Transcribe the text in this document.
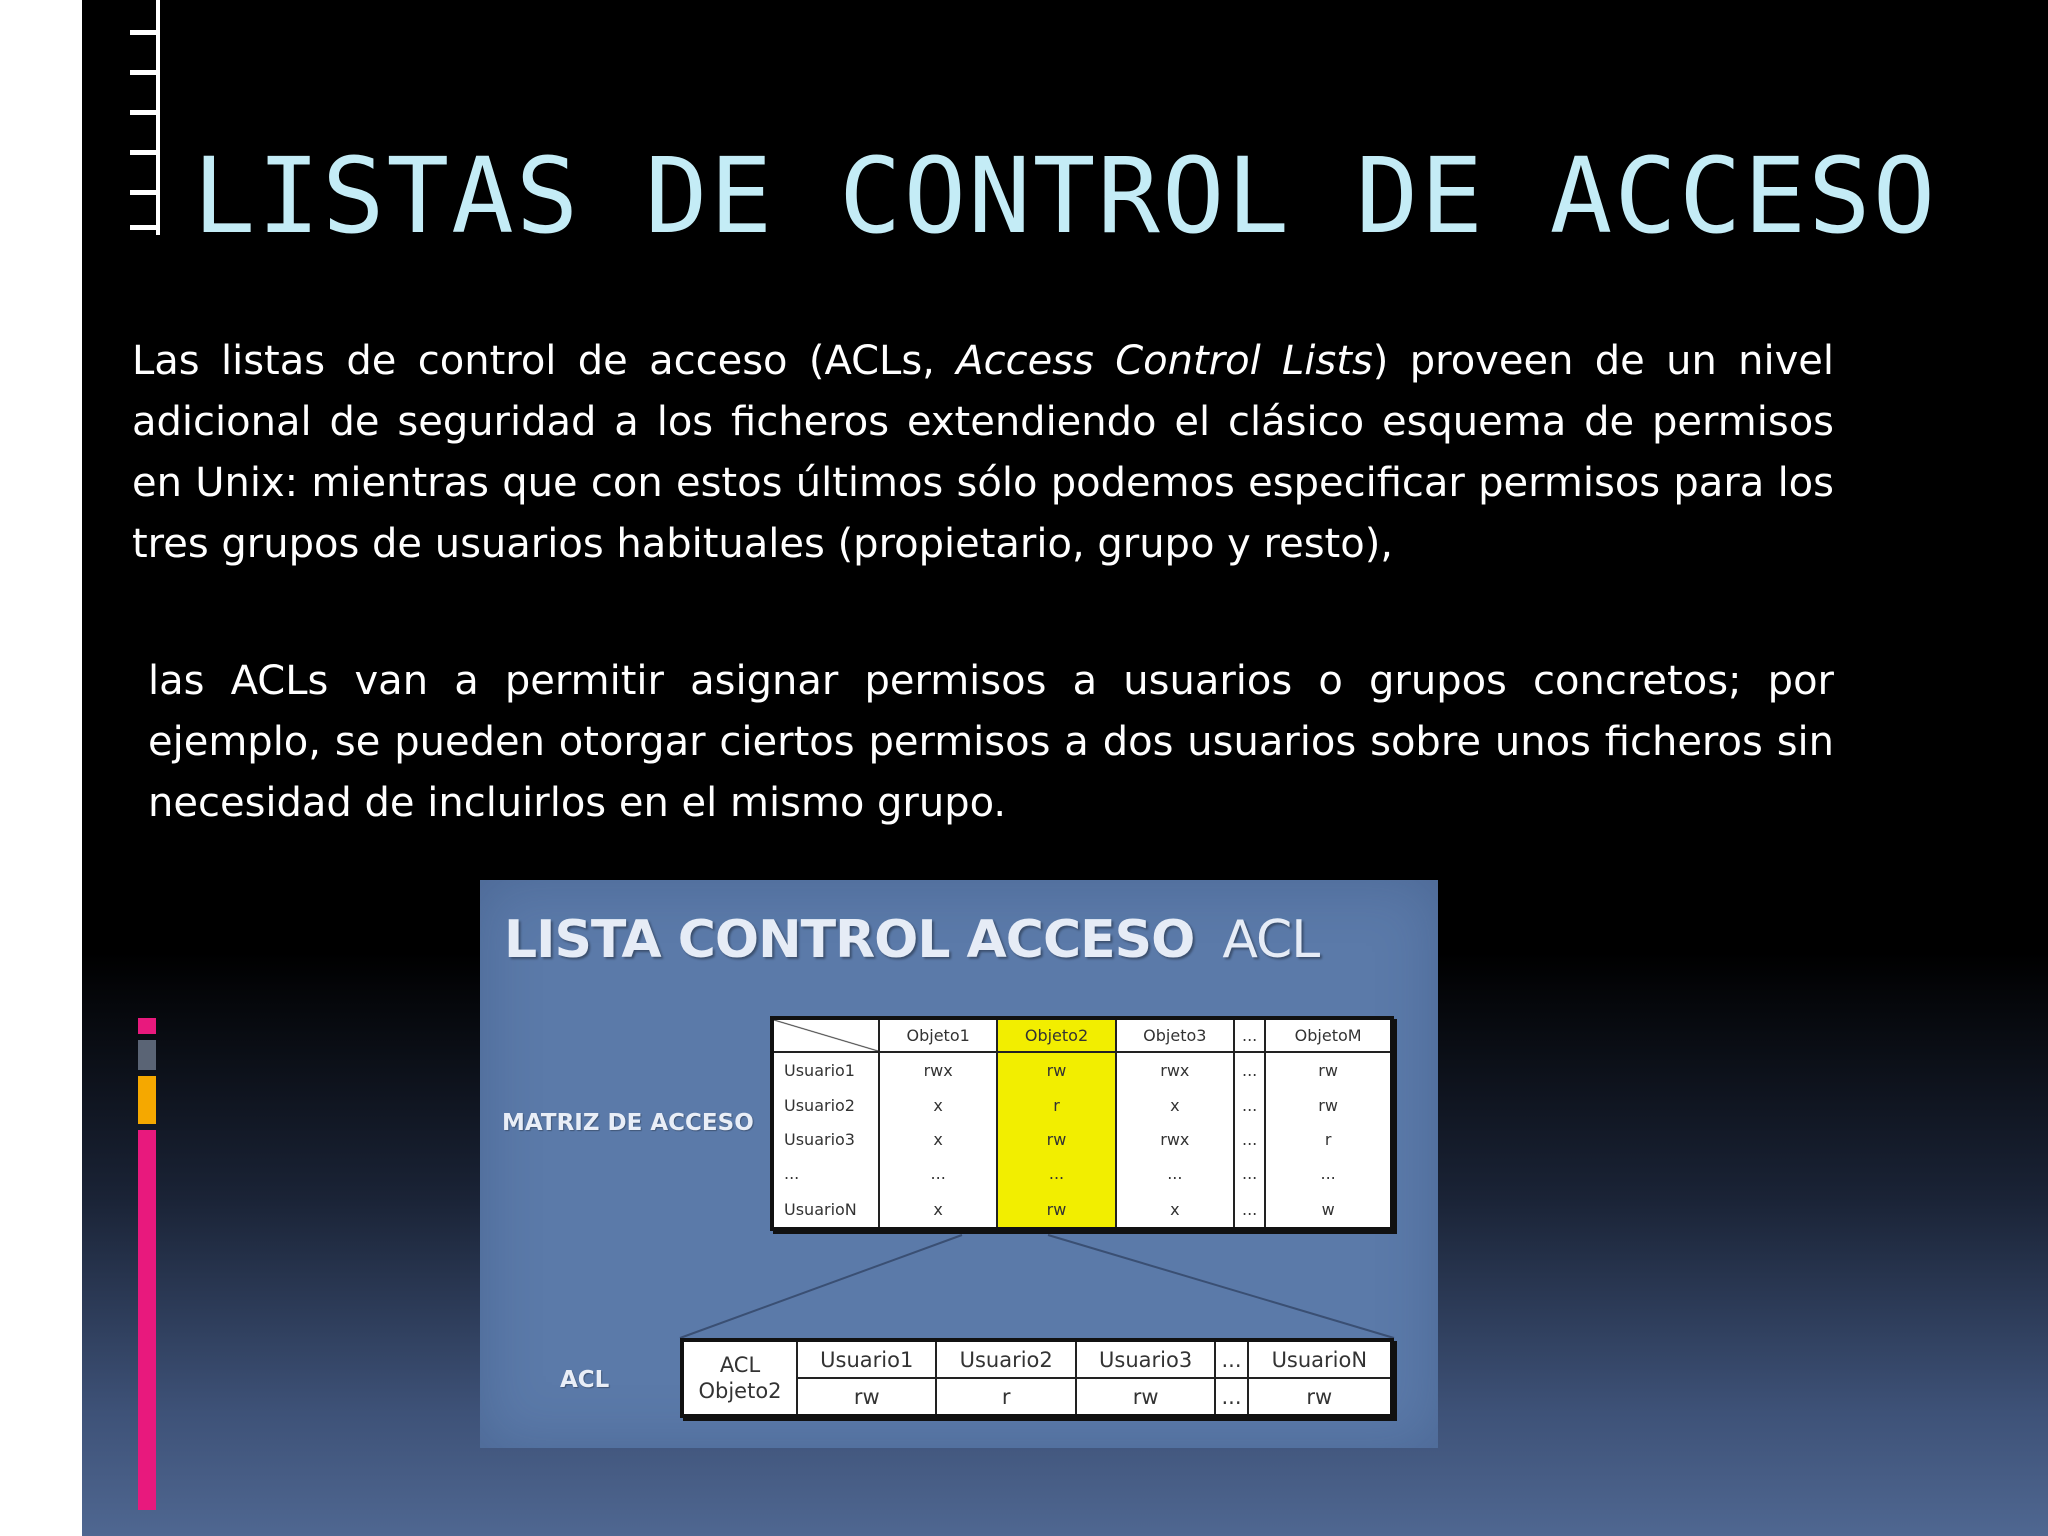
LISTAS DE CONTROL DE ACCESO

Las listas de control de acceso (ACLs, Access Control Lists) proveen de un nivel adicional de seguridad a los ficheros extendiendo el clásico esquema de permisos en Unix: mientras que con estos últimos sólo podemos especificar permisos para los tres grupos de usuarios habituales (propietario, grupo y resto),

las ACLs van a permitir asignar permisos a usuarios o grupos concretos; por ejemplo, se pueden otorgar ciertos permisos a dos usuarios sobre unos ficheros sin necesidad de incluirlos en el mismo grupo.

LISTA CONTROL ACCESO ACL
MATRIZ DE ACCESO
ACL
	Objeto1	Objeto2	Objeto3	...	ObjetoM
Usuario1	rwx	rw	rwx	...	rw
Usuario2	x	r	x	...	rw
Usuario3	x	rw	rwx	...	r
...	...	...	...	...	...
UsuarioN	x	rw	x	...	w
ACL
Objeto2	Usuario1	Usuario2	Usuario3	...	UsuarioN
	rw	r	rw	...	rw
